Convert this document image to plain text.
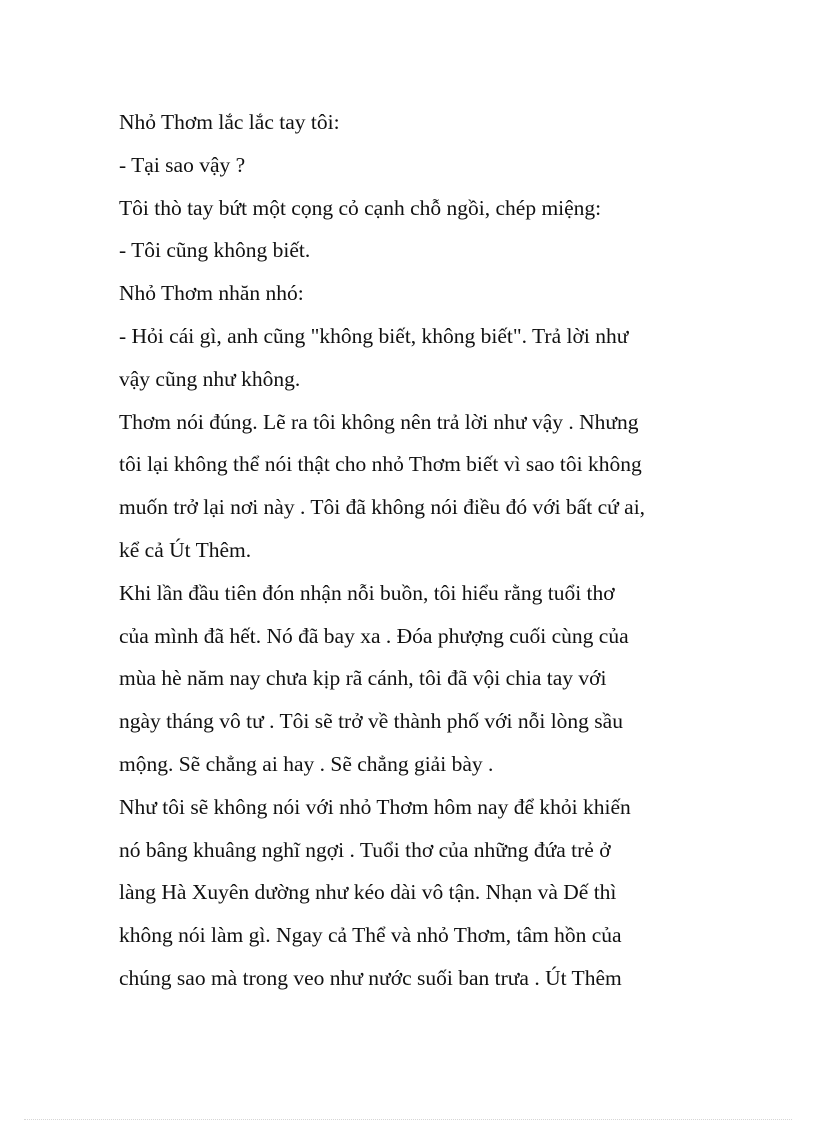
Nhỏ Thơm lắc lắc tay tôi:
- Tại sao vậy ?
Tôi thò tay bứt một cọng cỏ cạnh chỗ ngồi, chép miệng:
- Tôi cũng không biết.
Nhỏ Thơm nhăn nhó:
- Hỏi cái gì, anh cũng "không biết, không biết". Trả lời như
vậy cũng như không.
Thơm nói đúng. Lẽ ra tôi không nên trả lời như vậy . Nhưng
tôi lại không thể nói thật cho nhỏ Thơm biết vì sao tôi không
muốn trở lại nơi này . Tôi đã không nói điều đó với bất cứ ai,
kể cả Út Thêm.
Khi lần đầu tiên đón nhận nỗi buồn, tôi hiểu rằng tuổi thơ
của mình đã hết. Nó đã bay xa . Đóa phượng cuối cùng của
mùa hè năm nay chưa kịp rã cánh, tôi đã vội chia tay với
ngày tháng vô tư . Tôi sẽ trở về thành phố với nỗi lòng sầu
mộng. Sẽ chẳng ai hay . Sẽ chẳng giải bày .
Như tôi sẽ không nói với nhỏ Thơm hôm nay để khỏi khiến
nó bâng khuâng nghĩ ngợi . Tuổi thơ của những đứa trẻ ở
làng Hà Xuyên dường như kéo dài vô tận. Nhạn và Dế thì
không nói làm gì. Ngay cả Thể và nhỏ Thơm, tâm hồn của
chúng sao mà trong veo như nước suối ban trưa . Út Thêm
